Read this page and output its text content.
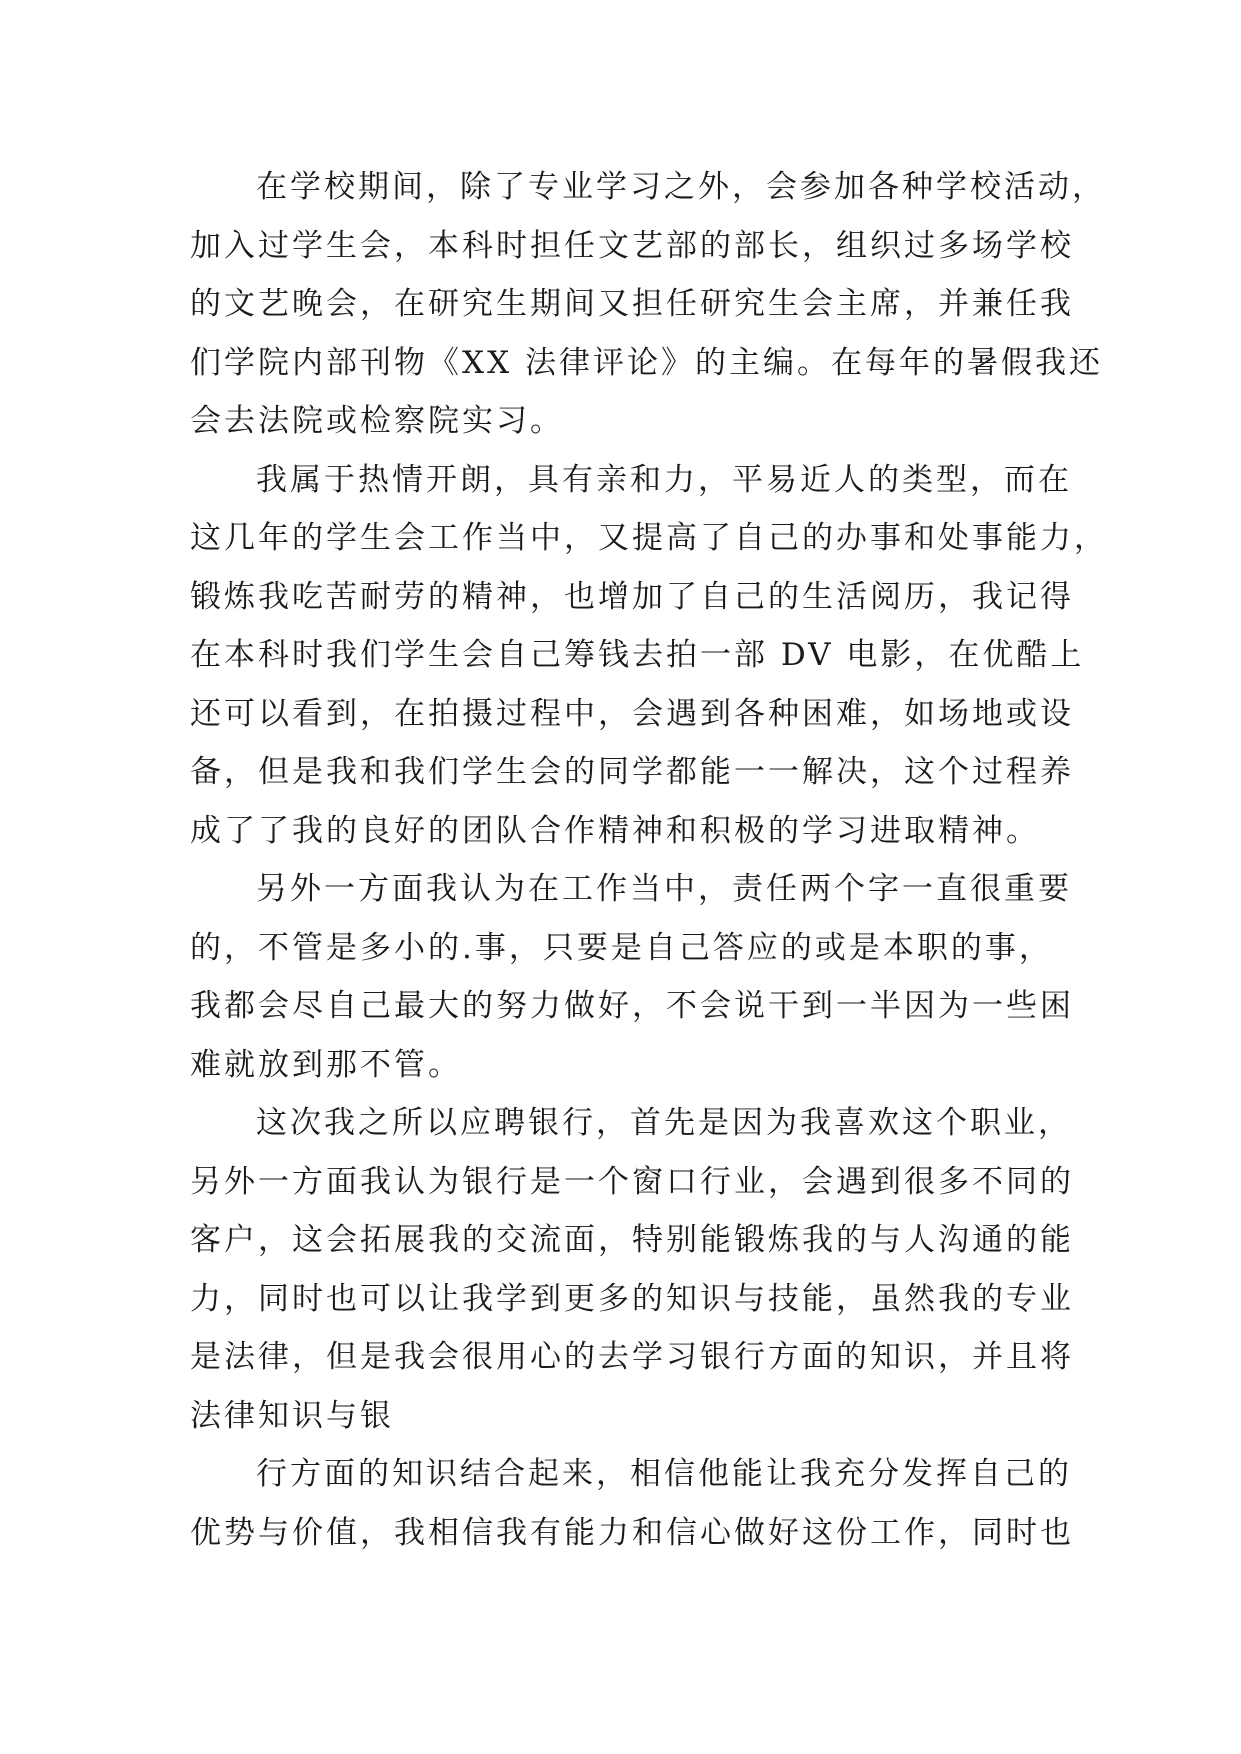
在学校期间，除了专业学习之外，会参加各种学校活动，
加入过学生会，本科时担任文艺部的部长，组织过多场学校
的文艺晚会，在研究生期间又担任研究生会主席，并兼任我
们学院内部刊物《XX 法律评论》的主编。在每年的暑假我还
会去法院或检察院实习。
我属于热情开朗，具有亲和力，平易近人的类型，而在
这几年的学生会工作当中，又提高了自己的办事和处事能力，
锻炼我吃苦耐劳的精神，也增加了自己的生活阅历，我记得
在本科时我们学生会自己筹钱去拍一部 DV 电影，在优酷上
还可以看到，在拍摄过程中，会遇到各种困难，如场地或设
备，但是我和我们学生会的同学都能一一解决，这个过程养
成了了我的良好的团队合作精神和积极的学习进取精神。
另外一方面我认为在工作当中，责任两个字一直很重要
的，不管是多小的.事，只要是自己答应的或是本职的事，
我都会尽自己最大的努力做好，不会说干到一半因为一些困
难就放到那不管。
这次我之所以应聘银行，首先是因为我喜欢这个职业，
另外一方面我认为银行是一个窗口行业，会遇到很多不同的
客户，这会拓展我的交流面，特别能锻炼我的与人沟通的能
力，同时也可以让我学到更多的知识与技能，虽然我的专业
是法律，但是我会很用心的去学习银行方面的知识，并且将
法律知识与银
行方面的知识结合起来，相信他能让我充分发挥自己的
优势与价值，我相信我有能力和信心做好这份工作，同时也
